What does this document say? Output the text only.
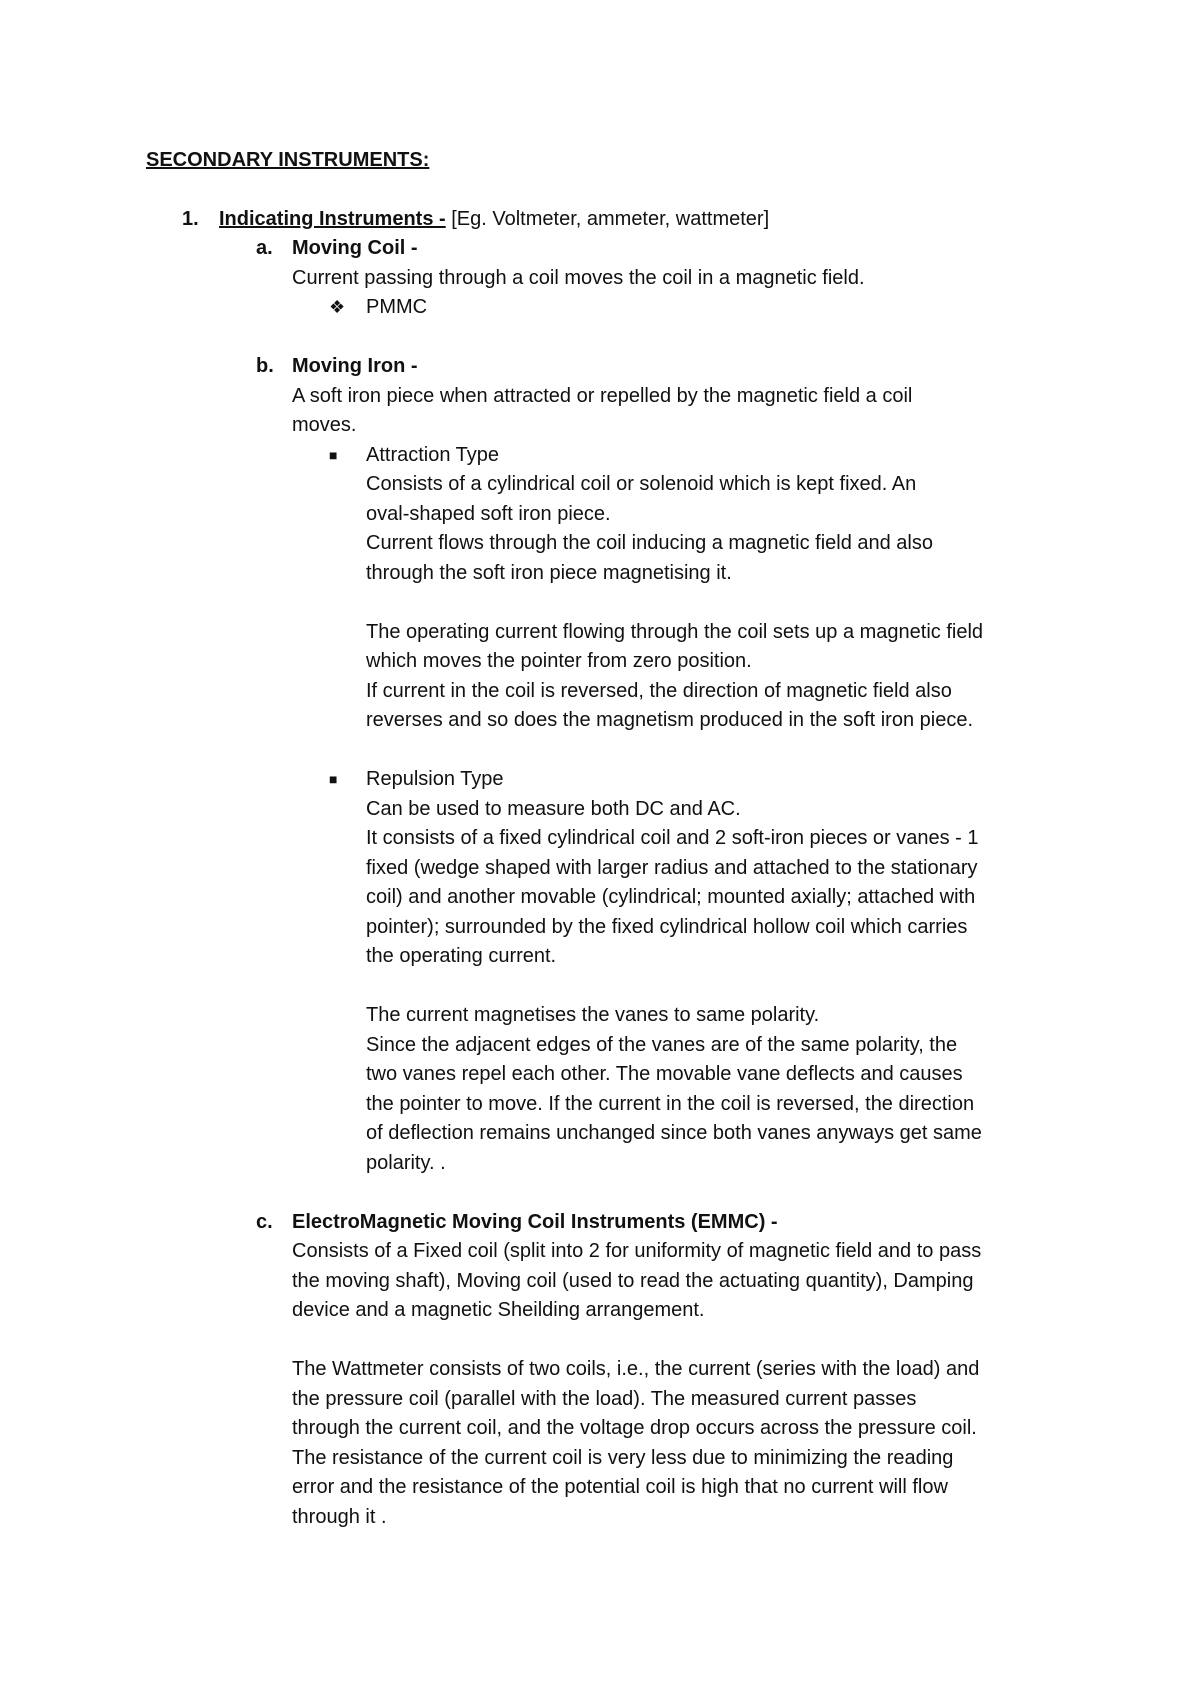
SECONDARY INSTRUMENTS:

1. Indicating Instruments - [Eg. Voltmeter, ammeter, wattmeter]

a. Moving Coil -

Current passing through a coil moves the coil in a magnetic field.

❖ PMMC

b. Moving Iron -

A soft iron piece when attracted or repelled by the magnetic field a coil

moves.

■ Attraction Type

Consists of a cylindrical coil or solenoid which is kept fixed. An

oval-shaped soft iron piece.

Current flows through the coil inducing a magnetic field and also

through the soft iron piece magnetising it.

The operating current flowing through the coil sets up a magnetic field

which moves the pointer from zero position.

If current in the coil is reversed, the direction of magnetic field also

reverses and so does the magnetism produced in the soft iron piece.

■ Repulsion Type

Can be used to measure both DC and AC.

It consists of a fixed cylindrical coil and 2 soft-iron pieces or vanes - 1

fixed (wedge shaped with larger radius and attached to the stationary

coil) and another movable (cylindrical; mounted axially; attached with

pointer); surrounded by the fixed cylindrical hollow coil which carries

the operating current.

The current magnetises the vanes to same polarity.

Since the adjacent edges of the vanes are of the same polarity, the

two vanes repel each other. The movable vane deflects and causes

the pointer to move. If the current in the coil is reversed, the direction

of deflection remains unchanged since both vanes anyways get same

polarity. .

c. ElectroMagnetic Moving Coil Instruments (EMMC) -

Consists of a Fixed coil (split into 2 for uniformity of magnetic field and to pass

the moving shaft), Moving coil (used to read the actuating quantity), Damping

device and a magnetic Sheilding arrangement.

The Wattmeter consists of two coils, i.e., the current (series with the load) and

the pressure coil (parallel with the load). The measured current passes

through the current coil, and the voltage drop occurs across the pressure coil.

The resistance of the current coil is very less due to minimizing the reading

error and the resistance of the potential coil is high that no current will flow

through it .
